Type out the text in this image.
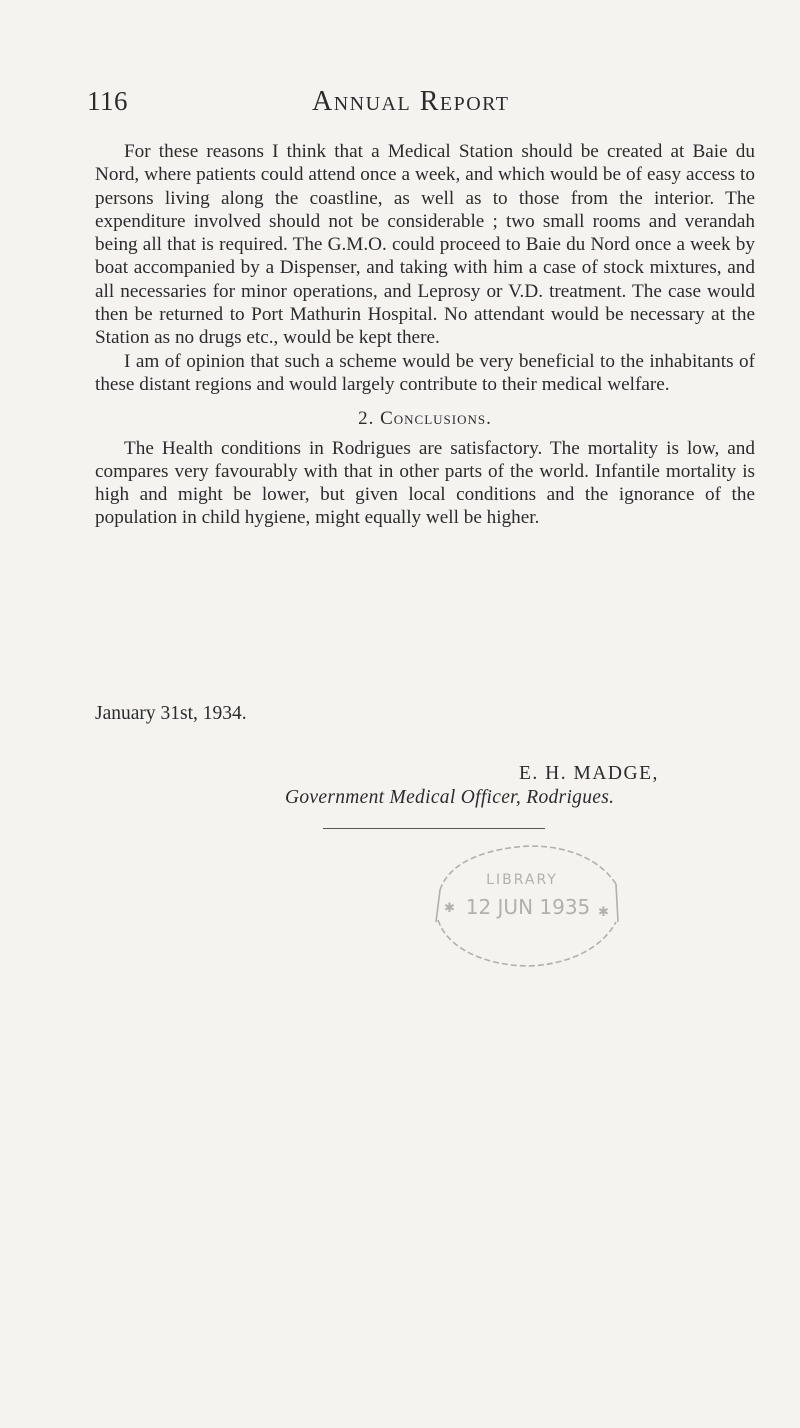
116	Annual Report

For these reasons I think that a Medical Station should be created at Baie du Nord, where patients could attend once a week, and which would be of easy access to persons living along the coastline, as well as to those from the interior. The expenditure involved should not be considerable ; two small rooms and verandah being all that is required. The G.M.O. could proceed to Baie du Nord once a week by boat accompanied by a Dispenser, and taking with him a case of stock mixtures, and all necessaries for minor operations, and Leprosy or V.D. treatment. The case would then be returned to Port Mathurin Hospital. No attendant would be necessary at the Station as no drugs etc., would be kept there.

I am of opinion that such a scheme would be very beneficial to the inhabitants of these distant regions and would largely contribute to their medical welfare.

2. Conclusions.

The Health conditions in Rodrigues are satisfactory. The mortality is low, and compares very favourably with that in other parts of the world. Infantile mortality is high and might be lower, but given local conditions and the ignorance of the population in child hygiene, might equally well be higher.

January 31st, 1934.
E. H. MADGE,
Government Medical Officer, Rodrigues.
LIBRARY
12 JUN 1935
✱	✱
